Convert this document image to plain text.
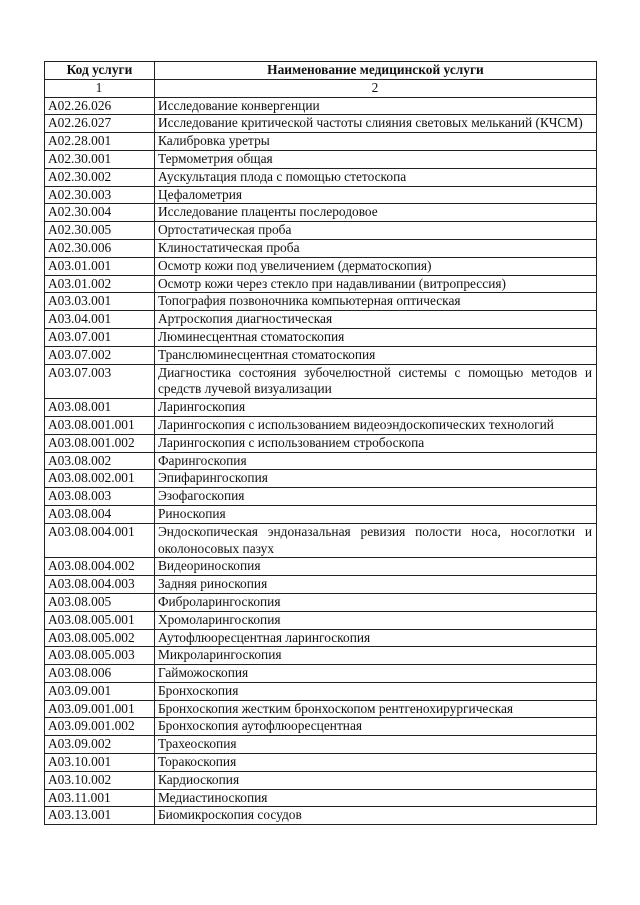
Код услуги	Наименование медицинской услуги
1	2
A02.26.026	Исследование конвергенции
A02.26.027	Исследование критической частоты слияния световых мельканий (КЧСМ)
A02.28.001	Калибровка уретры
A02.30.001	Термометрия общая
A02.30.002	Аускультация плода с помощью стетоскопа
A02.30.003	Цефалометрия
A02.30.004	Исследование плаценты послеродовое
A02.30.005	Ортостатическая проба
A02.30.006	Клиностатическая проба
A03.01.001	Осмотр кожи под увеличением (дерматоскопия)
A03.01.002	Осмотр кожи через стекло при надавливании (витропрессия)
A03.03.001	Топография позвоночника компьютерная оптическая
A03.04.001	Артроскопия диагностическая
A03.07.001	Люминесцентная стоматоскопия
A03.07.002	Транслюминесцентная стоматоскопия
A03.07.003	Диагностика состояния зубочелюстной системы с помощью методов и средств лучевой визуализации
A03.08.001	Ларингоскопия
A03.08.001.001	Ларингоскопия с использованием видеоэндоскопических технологий
A03.08.001.002	Ларингоскопия с использованием стробоскопа
A03.08.002	Фарингоскопия
A03.08.002.001	Эпифарингоскопия
A03.08.003	Эзофагоскопия
A03.08.004	Риноскопия
A03.08.004.001	Эндоскопическая эндоназальная ревизия полости носа, носоглотки и околоносовых пазух
A03.08.004.002	Видеориноскопия
A03.08.004.003	Задняя риноскопия
A03.08.005	Фиброларингоскопия
A03.08.005.001	Хромоларингоскопия
A03.08.005.002	Аутофлюоресцентная ларингоскопия
A03.08.005.003	Микроларингоскопия
A03.08.006	Гайможоскопия
A03.09.001	Бронхоскопия
A03.09.001.001	Бронхоскопия жестким бронхоскопом рентгенохирургическая
A03.09.001.002	Бронхоскопия аутофлюоресцентная
A03.09.002	Трахеоскопия
A03.10.001	Торакоскопия
A03.10.002	Кардиоскопия
A03.11.001	Медиастиноскопия
A03.13.001	Биомикроскопия сосудов
